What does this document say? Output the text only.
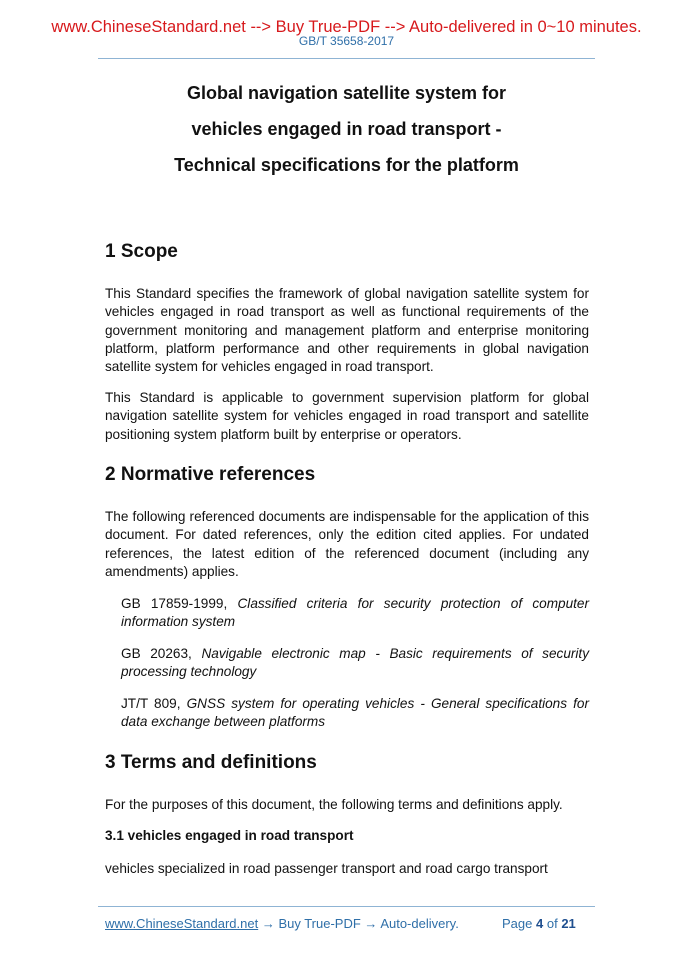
www.ChineseStandard.net --> Buy True-PDF --> Auto-delivered in 0~10 minutes.
GB/T 35658-2017
Global navigation satellite system for
vehicles engaged in road transport -
Technical specifications for the platform
1 Scope
This Standard specifies the framework of global navigation satellite system for vehicles engaged in road transport as well as functional requirements of the government monitoring and management platform and enterprise monitoring platform, platform performance and other requirements in global navigation satellite system for vehicles engaged in road transport.
This Standard is applicable to government supervision platform for global navigation satellite system for vehicles engaged in road transport and satellite positioning system platform built by enterprise or operators.
2 Normative references
The following referenced documents are indispensable for the application of this document. For dated references, only the edition cited applies. For undated references, the latest edition of the referenced document (including any amendments) applies.
GB 17859-1999, Classified criteria for security protection of computer information system
GB 20263, Navigable electronic map - Basic requirements of security processing technology
JT/T 809, GNSS system for operating vehicles - General specifications for data exchange between platforms
3 Terms and definitions
For the purposes of this document, the following terms and definitions apply.
3.1 vehicles engaged in road transport
vehicles specialized in road passenger transport and road cargo transport
www.ChineseStandard.net → Buy True-PDF → Auto-delivery.	Page 4 of 21
